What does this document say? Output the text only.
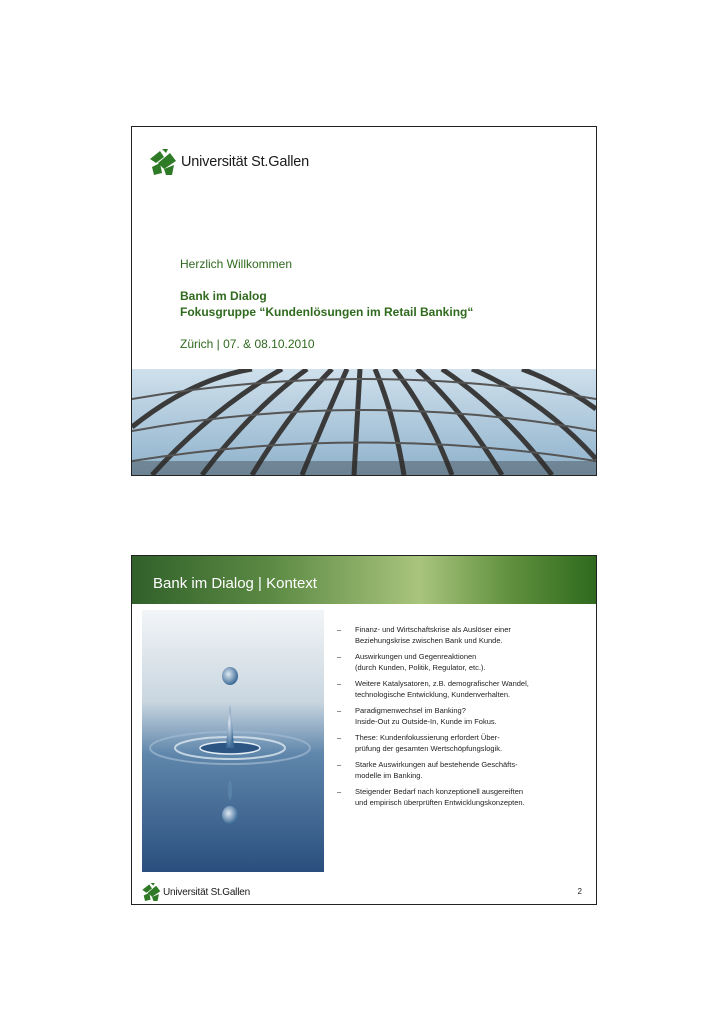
Universität St.Gallen
Herzlich Willkommen
Bank im Dialog
Fokusgruppe “Kundenlösungen im Retail Banking“
Zürich | 07. & 08.10.2010
Bank im Dialog | Kontext
– Finanz- und Wirtschaftskrise als Auslöser einer
Beziehungskrise zwischen Bank und Kunde.
– Auswirkungen und Gegenreaktionen
(durch Kunden, Politik, Regulator, etc.).
– Weitere Katalysatoren, z.B. demografischer Wandel,
technologische Entwicklung, Kundenverhalten.
– Paradigmenwechsel im Banking?
Inside-Out zu Outside-In, Kunde im Fokus.
– These: Kundenfokussierung erfordert Über-
prüfung der gesamten Wertschöpfungslogik.
– Starke Auswirkungen auf bestehende Geschäfts-
modelle im Banking.
– Steigender Bedarf nach konzeptionell ausgereiften
und empirisch überprüften Entwicklungskonzepten.
Universität St.Gallen	2
